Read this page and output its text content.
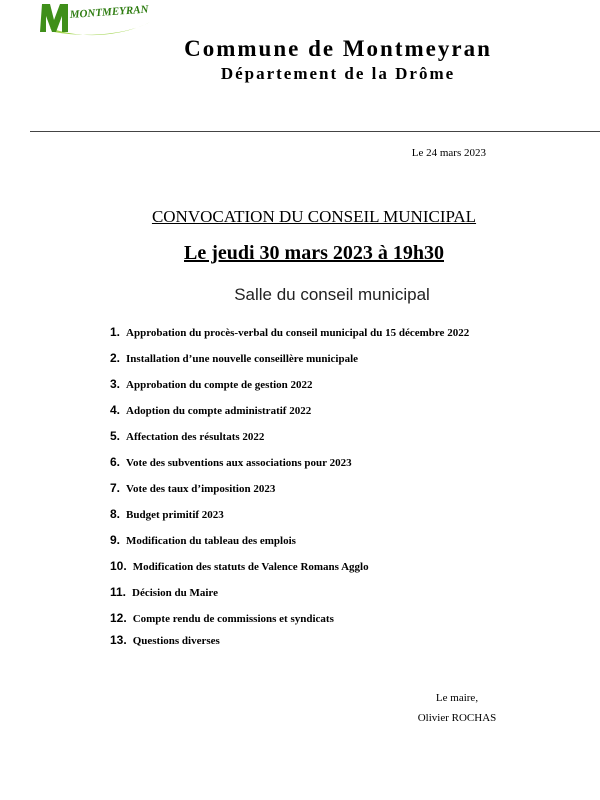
MONTMEYRAN
Commune de Montmeyran
Département de la Drôme
Le 24 mars 2023
CONVOCATION DU CONSEIL MUNICIPAL
Le jeudi 30 mars 2023 à 19h30
Salle du conseil municipal
1. Approbation du procès-verbal du conseil municipal du 15 décembre 2022
2. Installation d’une nouvelle conseillère municipale
3. Approbation du compte de gestion 2022
4. Adoption du compte administratif 2022
5. Affectation des résultats 2022
6. Vote des subventions aux associations pour 2023
7. Vote des taux d’imposition 2023
8. Budget primitif 2023
9. Modification du tableau des emplois
10. Modification des statuts de Valence Romans Agglo
11. Décision du Maire
12. Compte rendu de commissions et syndicats
13. Questions diverses
Le maire,
Olivier ROCHAS
